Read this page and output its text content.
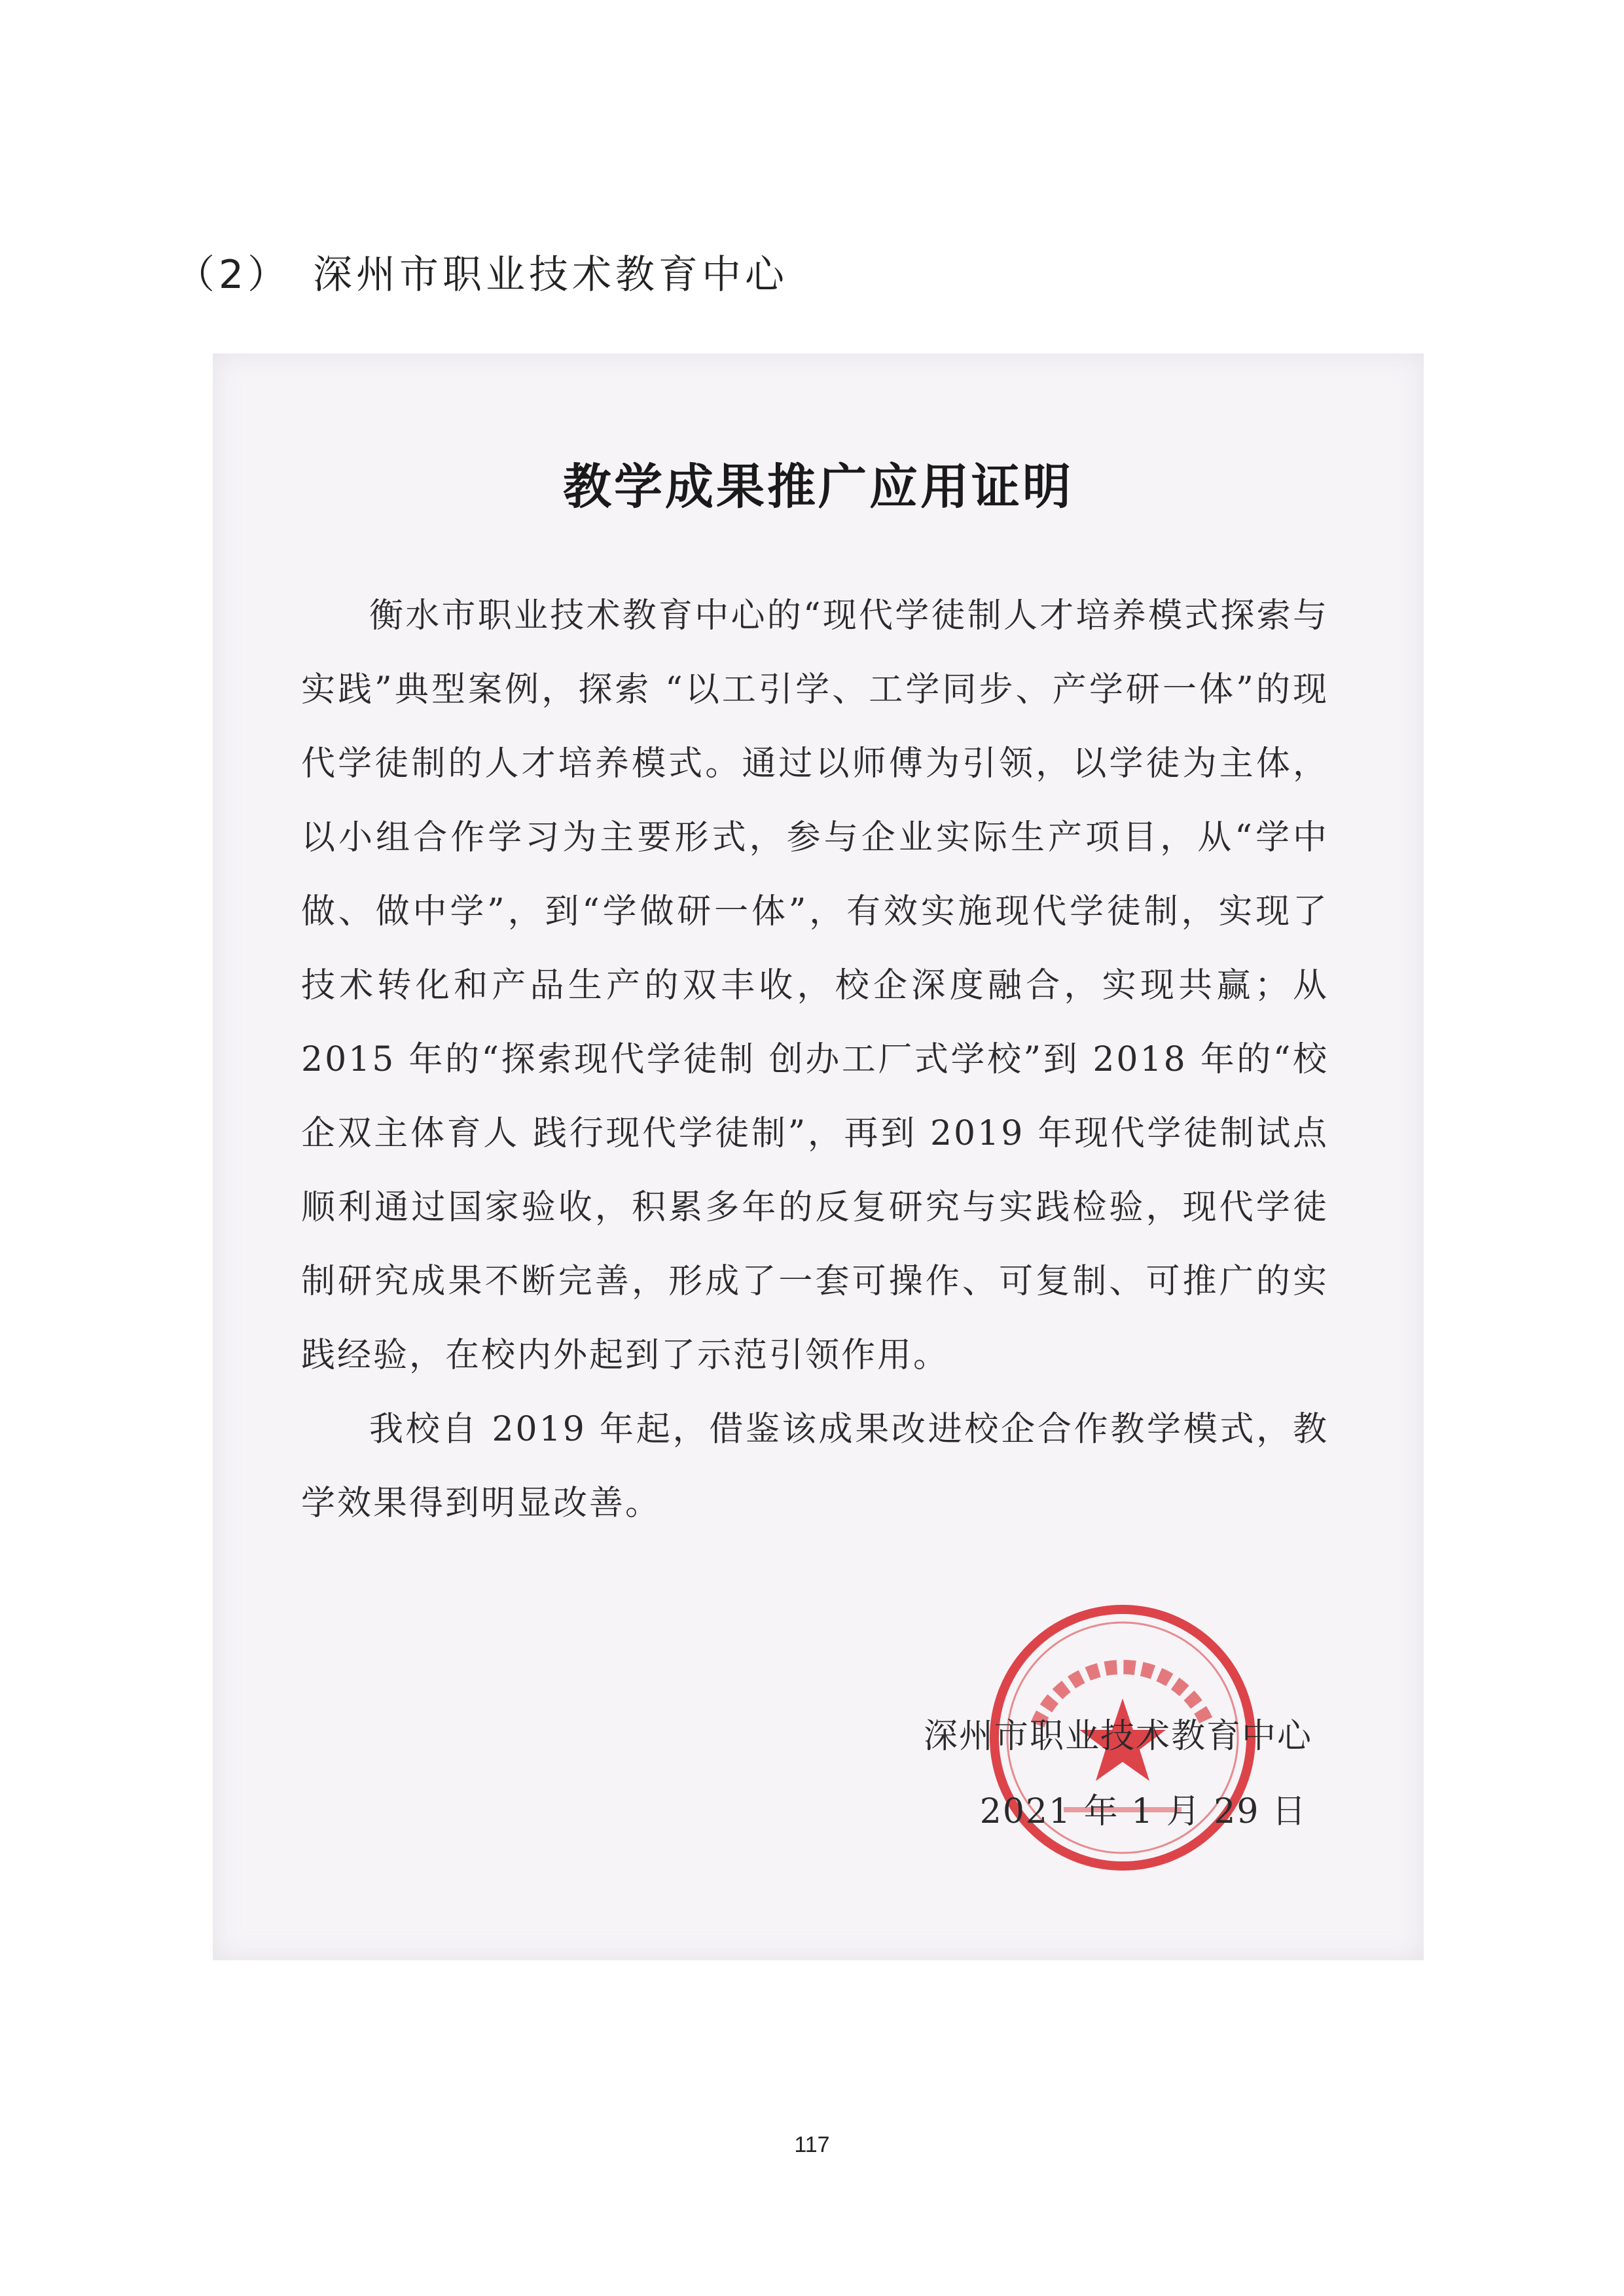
（2） 深州市职业技术教育中心
教学成果推广应用证明

衡水市职业技术教育中心的“现代学徒制人才培养模式探索与实践”典型案例，探索 “以工引学、工学同步、产学研一体”的现代学徒制的人才培养模式。通过以师傅为引领，以学徒为主体，以小组合作学习为主要形式，参与企业实际生产项目，从“学中做、做中学”，到“学做研一体”，有效实施现代学徒制，实现了技术转化和产品生产的双丰收，校企深度融合，实现共赢；从 2015 年的“探索现代学徒制 创办工厂式学校”到 2018 年的“校企双主体育人 践行现代学徒制”，再到 2019 年现代学徒制试点顺利通过国家验收，积累多年的反复研究与实践检验，现代学徒制研究成果不断完善，形成了一套可操作、可复制、可推广的实践经验，在校内外起到了示范引领作用。

我校自 2019 年起，借鉴该成果改进校企合作教学模式，教学效果得到明显改善。

深州市职业技术教育中心
2021 年 1 月 29 日
117
